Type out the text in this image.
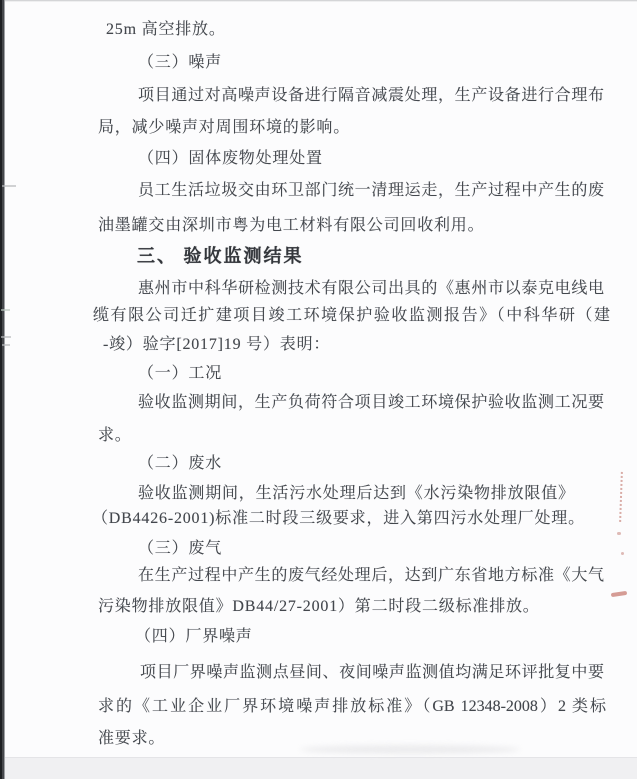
25m 高空排放。
（三）噪声
项目通过对高噪声设备进行隔音减震处理，生产设备进行合理布
局，减少噪声对周围环境的影响。
（四）固体废物处理处置
员工生活垃圾交由环卫部门统一清理运走，生产过程中产生的废
油墨罐交由深圳市粤为电工材料有限公司回收利用。
三、 验收监测结果
惠州市中科华研检测技术有限公司出具的《惠州市以泰克电线电
缆有限公司迁扩建项目竣工环境保护验收监测报告》（中科华研（建
-竣）验字[2017]19 号）表明：
（一）工况
验收监测期间，生产负荷符合项目竣工环境保护验收监测工况要
求。
（二）废水
验收监测期间，生活污水处理后达到《水污染物排放限值》
（DB4426-2001)标准二时段三级要求，进入第四污水处理厂处理。
（三）废气
在生产过程中产生的废气经处理后，达到广东省地方标准《大气
污染物排放限值》DB44/27-2001）第二时段二级标准排放。
（四）厂界噪声
项目厂界噪声监测点昼间、夜间噪声监测值均满足环评批复中要
求的《工业企业厂界环境噪声排放标准》（GB 12348-2008）2 类标
准要求。
